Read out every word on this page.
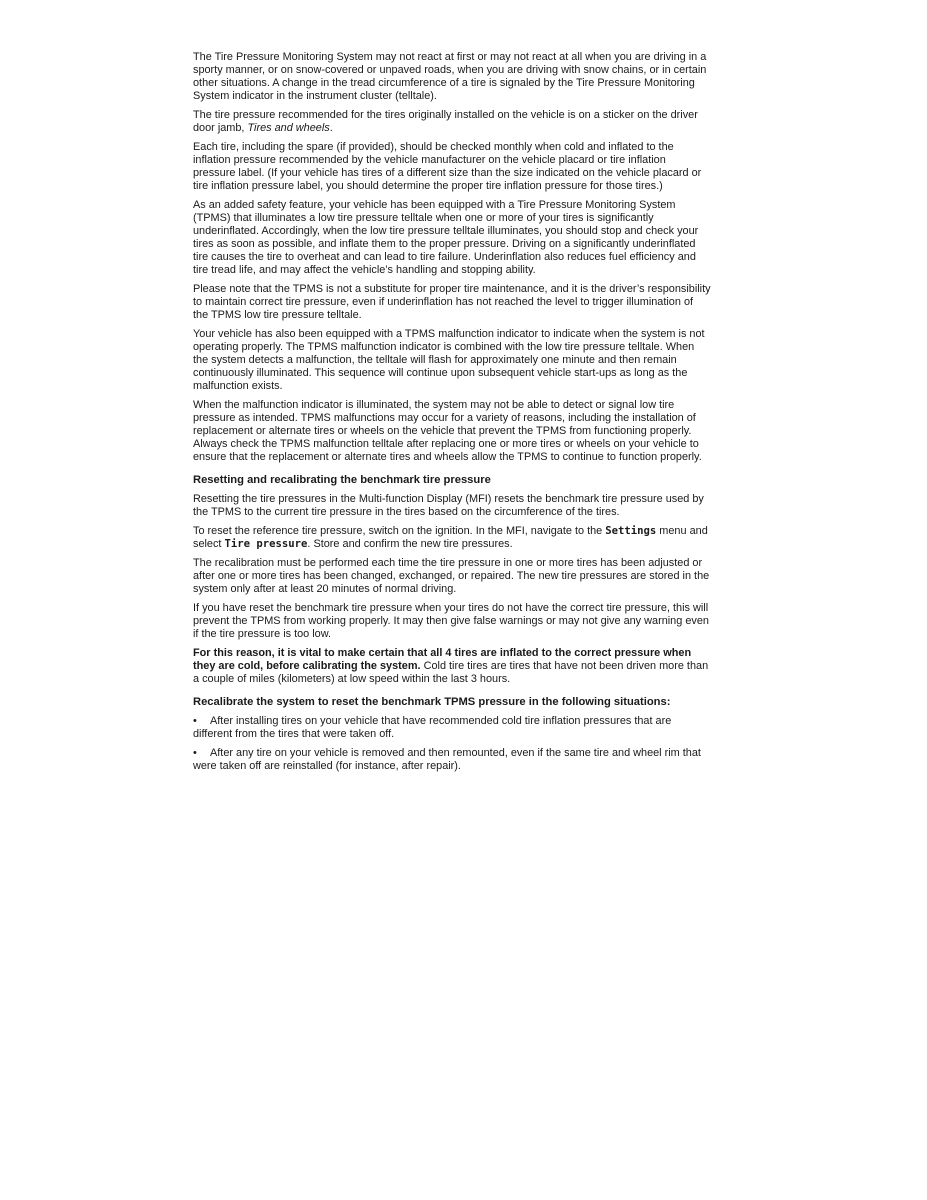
The Tire Pressure Monitoring System may not react at first or may not react at all when you are driving in a sporty manner, or on snow-covered or unpaved roads, when you are driving with snow chains, or in certain other situations. A change in the tread circumference of a tire is signaled by the Tire Pressure Monitoring System indicator in the instrument cluster (telltale).

The tire pressure recommended for the tires originally installed on the vehicle is on a sticker on the driver door jamb, Tires and wheels.

Each tire, including the spare (if provided), should be checked monthly when cold and inflated to the inflation pressure recommended by the vehicle manufacturer on the vehicle placard or tire inflation pressure label. (If your vehicle has tires of a different size than the size indicated on the vehicle placard or tire inflation pressure label, you should determine the proper tire inflation pressure for those tires.)

As an added safety feature, your vehicle has been equipped with a Tire Pressure Monitoring System (TPMS) that illuminates a low tire pressure telltale when one or more of your tires is significantly underinflated. Accordingly, when the low tire pressure telltale illuminates, you should stop and check your tires as soon as possible, and inflate them to the proper pressure. Driving on a significantly underinflated tire causes the tire to overheat and can lead to tire failure. Underinflation also reduces fuel efficiency and tire tread life, and may affect the vehicle’s handling and stopping ability.

Please note that the TPMS is not a substitute for proper tire maintenance, and it is the driver’s responsibility to maintain correct tire pressure, even if underinflation has not reached the level to trigger illumination of the TPMS low tire pressure telltale.

Your vehicle has also been equipped with a TPMS malfunction indicator to indicate when the system is not operating properly. The TPMS malfunction indicator is combined with the low tire pressure telltale. When the system detects a malfunction, the telltale will flash for approximately one minute and then remain continuously illuminated. This sequence will continue upon subsequent vehicle start-ups as long as the malfunction exists.

When the malfunction indicator is illuminated, the system may not be able to detect or signal low tire pressure as intended. TPMS malfunctions may occur for a variety of reasons, including the installation of replacement or alternate tires or wheels on the vehicle that prevent the TPMS from functioning properly. Always check the TPMS malfunction telltale after replacing one or more tires or wheels on your vehicle to ensure that the replacement or alternate tires and wheels allow the TPMS to continue to function properly.

Resetting and recalibrating the benchmark tire pressure

Resetting the tire pressures in the Multi-function Display (MFI) resets the benchmark tire pressure used by the TPMS to the current tire pressure in the tires based on the circumference of the tires.

To reset the reference tire pressure, switch on the ignition. In the MFI, navigate to the Settings menu and select Tire pressure. Store and confirm the new tire pressures.

The recalibration must be performed each time the tire pressure in one or more tires has been adjusted or after one or more tires has been changed, exchanged, or repaired. The new tire pressures are stored in the system only after at least 20 minutes of normal driving.

If you have reset the benchmark tire pressure when your tires do not have the correct tire pressure, this will prevent the TPMS from working properly. It may then give false warnings or may not give any warning even if the tire pressure is too low.

For this reason, it is vital to make certain that all 4 tires are inflated to the correct pressure when they are cold, before calibrating the system. Cold tire tires are tires that have not been driven more than a couple of miles (kilometers) at low speed within the last 3 hours.

Recalibrate the system to reset the benchmark TPMS pressure in the following situations:

• After installing tires on your vehicle that have recommended cold tire inflation pressures that are different from the tires that were taken off.

• After any tire on your vehicle is removed and then remounted, even if the same tire and wheel rim that were taken off are reinstalled (for instance, after repair).
